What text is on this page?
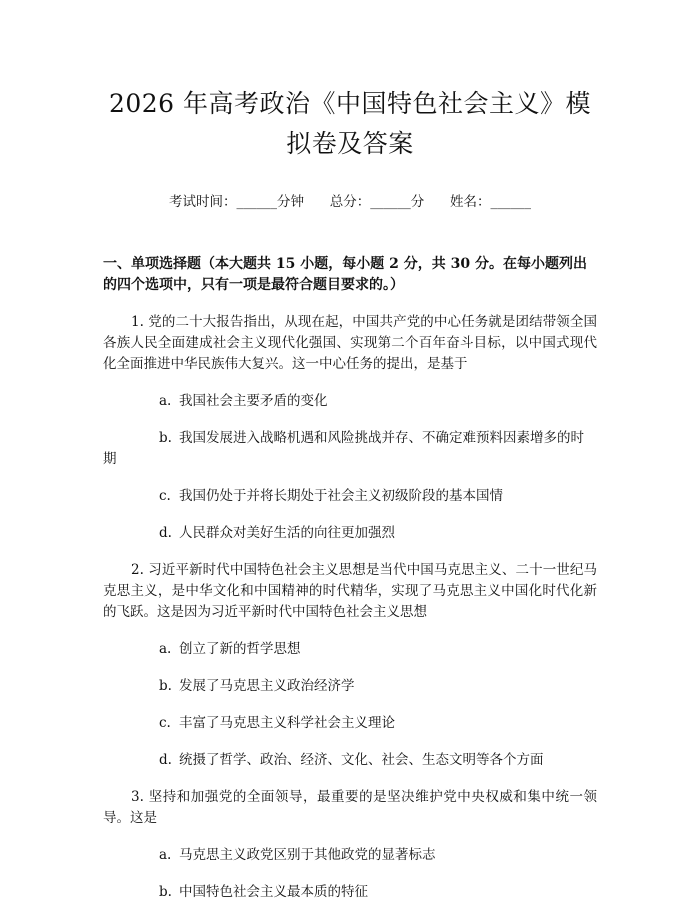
2026 年高考政治《中国特色社会主义》模拟卷及答案
考试时间：______分钟      总分：______分      姓名：______
一、单项选择题（本大题共 15 小题，每小题 2 分，共 30 分。在每小题列出的四个选项中，只有一项是最符合题目要求的。）
1. 党的二十大报告指出，从现在起，中国共产党的中心任务就是团结带领全国各族人民全面建成社会主义现代化强国、实现第二个百年奋斗目标，以中国式现代化全面推进中华民族伟大复兴。这一中心任务的提出，是基于
a. 我国社会主要矛盾的变化
b. 我国发展进入战略机遇和风险挑战并存、不确定难预料因素增多的时期
c. 我国仍处于并将长期处于社会主义初级阶段的基本国情
d. 人民群众对美好生活的向往更加强烈
2. 习近平新时代中国特色社会主义思想是当代中国马克思主义、二十一世纪马克思主义，是中华文化和中国精神的时代精华，实现了马克思主义中国化时代化新的飞跃。这是因为习近平新时代中国特色社会主义思想
a. 创立了新的哲学思想
b. 发展了马克思主义政治经济学
c. 丰富了马克思主义科学社会主义理论
d. 统摄了哲学、政治、经济、文化、社会、生态文明等各个方面
3. 坚持和加强党的全面领导，最重要的是坚决维护党中央权威和集中统一领导。这是
a. 马克思主义政党区别于其他政党的显著标志
b. 中国特色社会主义最本质的特征
